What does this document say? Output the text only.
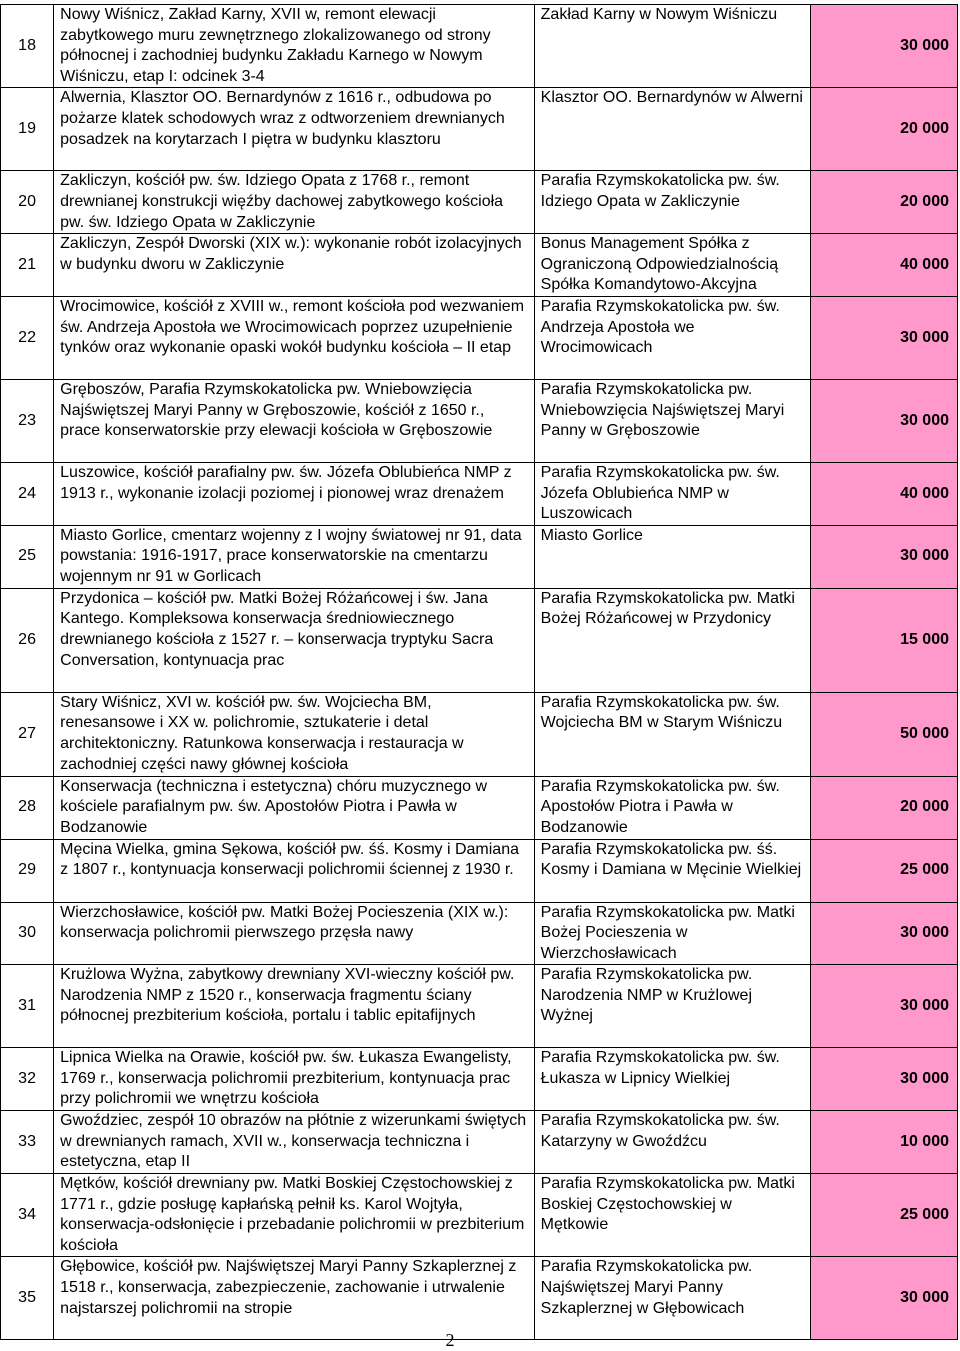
18	Nowy Wiśnicz, Zakład Karny, XVII w, remont elewacji zabytkowego muru zewnętrznego zlokalizowanego od strony północnej i zachodniej budynku Zakładu Karnego w Nowym Wiśniczu, etap I: odcinek 3-4	Zakład Karny w Nowym Wiśniczu	30 000
19	Alwernia, Klasztor OO. Bernardynów z 1616 r., odbudowa po pożarze klatek schodowych wraz z odtworzeniem drewnianych posadzek na korytarzach I piętra w budynku klasztoru	Klasztor OO. Bernardynów w Alwerni	20 000
20	Zakliczyn, kościół pw. św. Idziego Opata z 1768 r., remont drewnianej konstrukcji więźby dachowej zabytkowego kościoła pw. św. Idziego Opata w Zakliczynie	Parafia Rzymskokatolicka pw. św. Idziego Opata w Zakliczynie	20 000
21	Zakliczyn, Zespół Dworski (XIX w.): wykonanie robót izolacyjnych w budynku dworu w Zakliczynie	Bonus Management Spółka z Ograniczoną Odpowiedzialnością Spółka Komandytowo-Akcyjna	40 000
22	Wrocimowice, kościół z XVIII w., remont kościoła pod wezwaniem św. Andrzeja Apostoła we Wrocimowicach poprzez uzupełnienie tynków oraz wykonanie opaski wokół budynku kościoła – II etap	Parafia Rzymskokatolicka pw. św. Andrzeja Apostoła we Wrocimowicach	30 000
23	Gręboszów, Parafia Rzymskokatolicka pw. Wniebowzięcia Najświętszej Maryi Panny w Gręboszowie, kościół z 1650 r., prace konserwatorskie przy elewacji kościoła w Gręboszowie	Parafia Rzymskokatolicka pw. Wniebowzięcia Najświętszej Maryi Panny w Gręboszowie	30 000
24	Luszowice, kościół parafialny pw. św. Józefa Oblubieńca NMP z 1913 r., wykonanie izolacji poziomej i pionowej wraz drenażem	Parafia Rzymskokatolicka pw. św. Józefa Oblubieńca NMP w Luszowicach	40 000
25	Miasto Gorlice, cmentarz wojenny z I wojny światowej nr 91, data powstania: 1916-1917, prace konserwatorskie na cmentarzu wojennym nr 91 w Gorlicach	Miasto Gorlice	30 000
26	Przydonica – kościół pw. Matki Bożej Różańcowej i św. Jana Kantego. Kompleksowa konserwacja średniowiecznego drewnianego kościoła z 1527 r. – konserwacja tryptyku Sacra Conversation, kontynuacja prac	Parafia Rzymskokatolicka pw. Matki Bożej Różańcowej w Przydonicy	15 000
27	Stary Wiśnicz, XVI w. kościół pw. św. Wojciecha BM, renesansowe i XX w. polichromie, sztukaterie i detal architektoniczny. Ratunkowa konserwacja i restauracja w zachodniej części nawy głównej kościoła	Parafia Rzymskokatolicka pw. św. Wojciecha BM w Starym Wiśniczu	50 000
28	Konserwacja (techniczna i estetyczna) chóru muzycznego w kościele parafialnym pw. św. Apostołów Piotra i Pawła w Bodzanowie	Parafia Rzymskokatolicka pw. św. Apostołów Piotra i Pawła w Bodzanowie	20 000
29	Męcina Wielka, gmina Sękowa, kościół pw. śś. Kosmy i Damiana z 1807 r., kontynuacja konserwacji polichromii ściennej z 1930 r.	Parafia Rzymskokatolicka pw. śś. Kosmy i Damiana w Męcinie Wielkiej	25 000
30	Wierzchosławice, kościół pw. Matki Bożej Pocieszenia (XIX w.): konserwacja polichromii pierwszego przęsła nawy	Parafia Rzymskokatolicka pw. Matki Bożej Pocieszenia w Wierzchosławicach	30 000
31	Krużlowa Wyżna, zabytkowy drewniany XVI-wieczny kościół pw. Narodzenia NMP z 1520 r., konserwacja fragmentu ściany północnej prezbiterium kościoła, portalu i tablic epitafijnych	Parafia Rzymskokatolicka pw. Narodzenia NMP w Krużlowej Wyżnej	30 000
32	Lipnica Wielka na Orawie, kościół pw. św. Łukasza Ewangelisty, 1769 r., konserwacja polichromii prezbiterium, kontynuacja prac przy polichromii we wnętrzu kościoła	Parafia Rzymskokatolicka pw. św. Łukasza w Lipnicy Wielkiej	30 000
33	Gwoździec, zespół 10 obrazów na płótnie z wizerunkami świętych w drewnianych ramach, XVII w., konserwacja techniczna i estetyczna, etap II	Parafia Rzymskokatolicka pw. św. Katarzyny w Gwoźdźcu	10 000
34	Mętków, kościół drewniany pw. Matki Boskiej Częstochowskiej z 1771 r., gdzie posługę kapłańską pełnił ks. Karol Wojtyła, konserwacja-odsłonięcie i przebadanie polichromii w prezbiterium kościoła	Parafia Rzymskokatolicka pw. Matki Boskiej Częstochowskiej w Mętkowie	25 000
35	Głębowice, kościół pw. Najświętszej Maryi Panny Szkaplerznej z 1518 r., konserwacja, zabezpieczenie, zachowanie i utrwalenie najstarszej polichromii na stropie	Parafia Rzymskokatolicka pw. Najświętszej Maryi Panny Szkaplerznej w Głębowicach	30 000
2
